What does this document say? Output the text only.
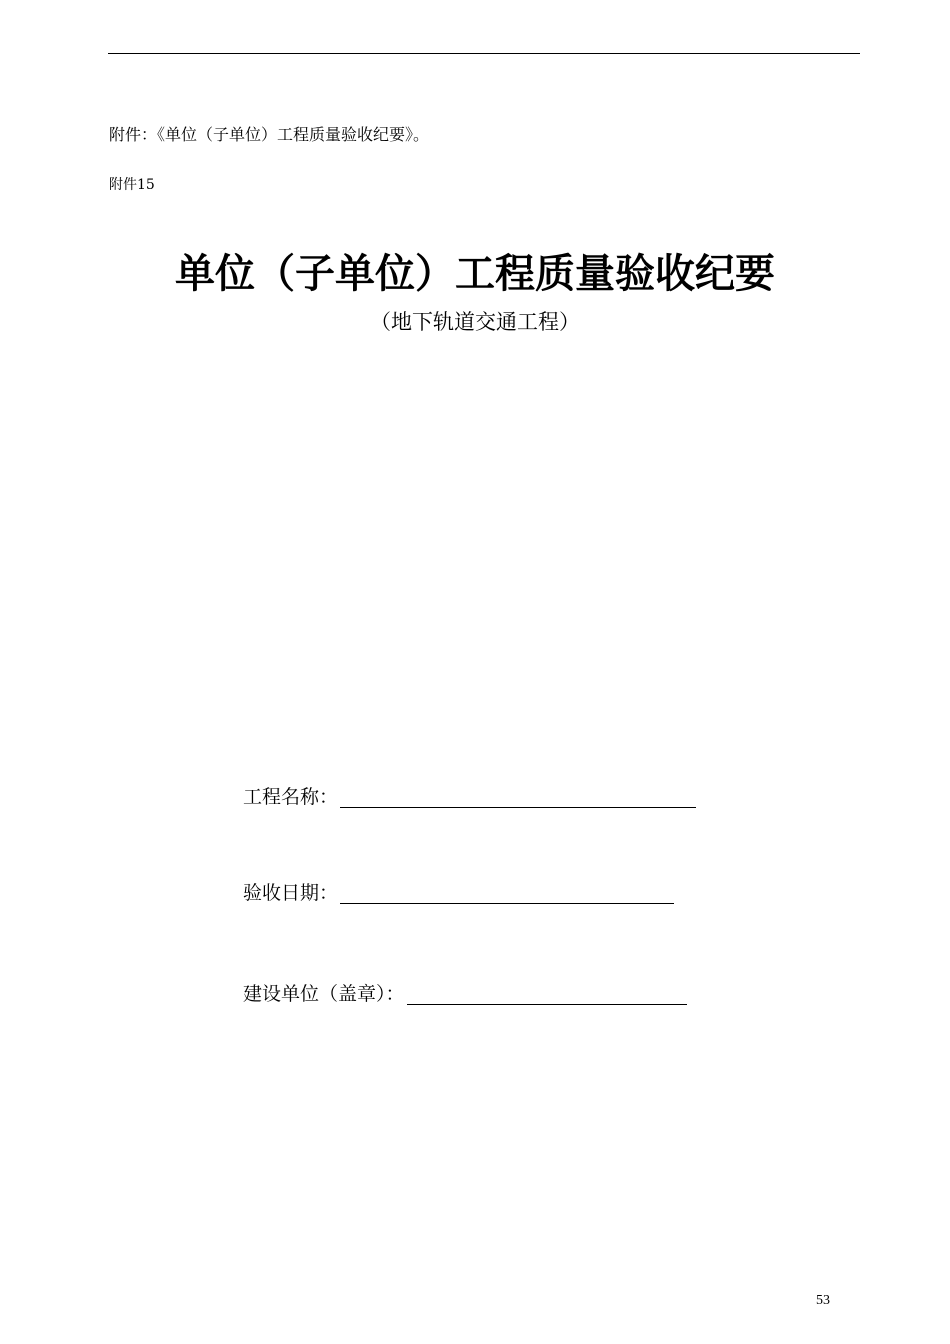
附件：《单位（子单位）工程质量验收纪要》。
附件15
单位（子单位）工程质量验收纪要
（地下轨道交通工程）
工程名称：
验收日期：
建设单位（盖章）：
53
